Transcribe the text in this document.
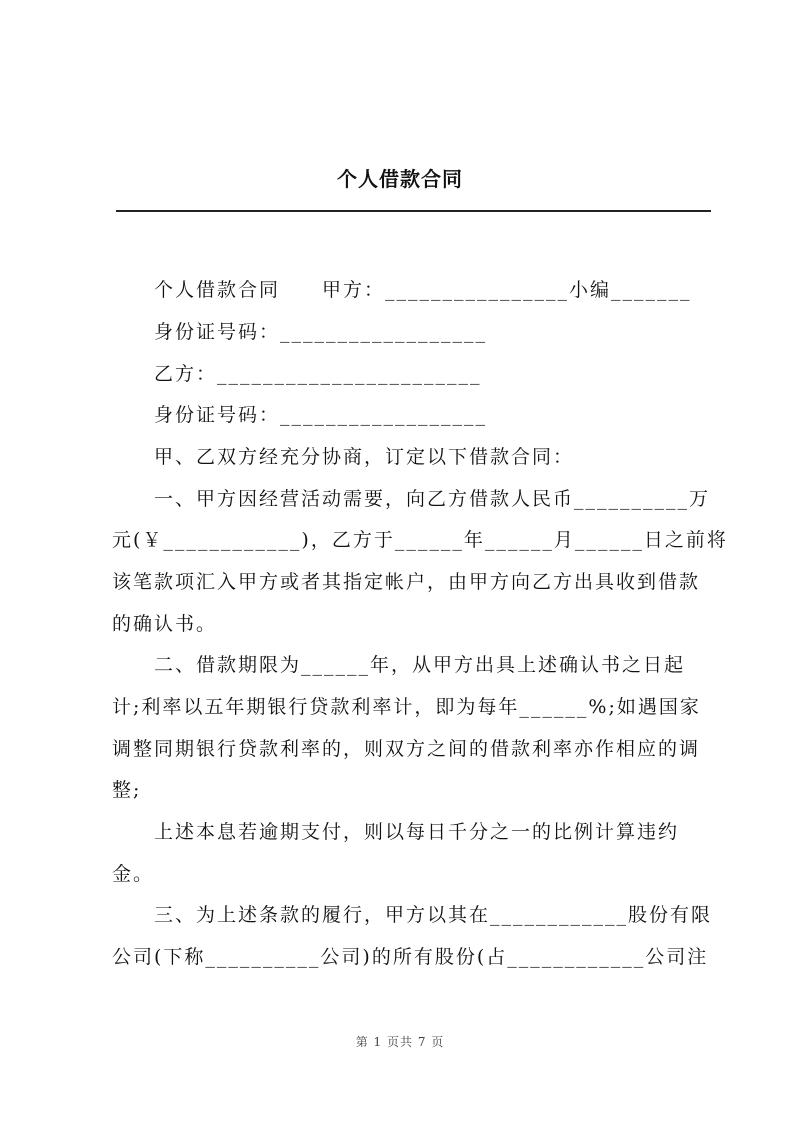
个人借款合同
　　个人借款合同　　甲方：________________小编_______
　　身份证号码：__________________
　　乙方：_______________________
　　身份证号码：__________________
　　甲、乙双方经充分协商，订定以下借款合同：
　　一、甲方因经营活动需要，向乙方借款人民币__________万
元(￥____________)，乙方于______年______月______日之前将
该笔款项汇入甲方或者其指定帐户，由甲方向乙方出具收到借款
的确认书。
　　二、借款期限为______年，从甲方出具上述确认书之日起
计;利率以五年期银行贷款利率计，即为每年______%;如遇国家
调整同期银行贷款利率的，则双方之间的借款利率亦作相应的调
整;
　　上述本息若逾期支付，则以每日千分之一的比例计算违约
金。
　　三、为上述条款的履行，甲方以其在____________股份有限
公司(下称__________公司)的所有股份(占____________公司注
第 1 页共 7 页
